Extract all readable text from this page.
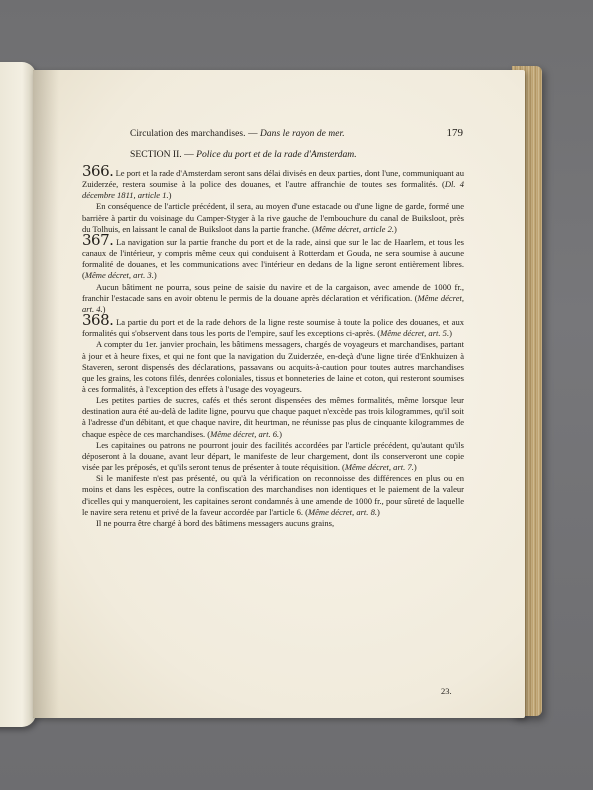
Circulation des marchandises. — Dans le rayon de mer.	179
SECTION II. — Police du port et de la rade d'Amsterdam.

366. Le port et la rade d'Amsterdam seront sans délai divisés en deux parties, dont l'une, communiquant au Zuiderzée, restera soumise à la police des douanes, et l'autre affranchie de toutes ses formalités. (Dl. 4 décembre 1811, article 1.)

En conséquence de l'article précédent, il sera, au moyen d'une estacade ou d'une ligne de garde, formé une barrière à partir du voisinage du Camper-Styger à la rive gauche de l'embouchure du canal de Buiksloot, près du Tolhuis, en laissant le canal de Buiksloot dans la partie franche. (Même décret, article 2.)

367. La navigation sur la partie franche du port et de la rade, ainsi que sur le lac de Haarlem, et tous les canaux de l'intérieur, y compris même ceux qui conduisent à Rotterdam et Gouda, ne sera soumise à aucune formalité de douanes, et les communications avec l'intérieur en dedans de la ligne seront entièrement libres. (Même décret, art. 3.)

Aucun bâtiment ne pourra, sous peine de saisie du navire et de la cargaison, avec amende de 1000 fr., franchir l'estacade sans en avoir obtenu le permis de la douane après déclaration et vérification. (Même décret, art. 4.)

368. La partie du port et de la rade dehors de la ligne reste soumise à toute la police des douanes, et aux formalités qui s'observent dans tous les ports de l'empire, sauf les exceptions ci-après. (Même décret, art. 5.)

A compter du 1er. janvier prochain, les bâtimens messagers, chargés de voyageurs et marchandises, partant à jour et à heure fixes, et qui ne font que la navigation du Zuiderzée, en-deçà d'une ligne tirée d'Enkhuizen à Staveren, seront dispensés des déclarations, passavans ou acquits-à-caution pour toutes autres marchandises que les grains, les cotons filés, denrées coloniales, tissus et bonneteries de laine et coton, qui resteront soumises à ces formalités, à l'exception des effets à l'usage des voyageurs.

Les petites parties de sucres, cafés et thés seront dispensées des mêmes formalités, même lorsque leur destination aura été au-delà de ladite ligne, pourvu que chaque paquet n'excède pas trois kilogrammes, qu'il soit à l'adresse d'un débitant, et que chaque navire, dit heurtman, ne réunisse pas plus de cinquante kilogrammes de chaque espèce de ces marchandises. (Même décret, art. 6.)

Les capitaines ou patrons ne pourront jouir des facilités accordées par l'article précédent, qu'autant qu'ils déposeront à la douane, avant leur départ, le manifeste de leur chargement, dont ils conserveront une copie visée par les préposés, et qu'ils seront tenus de présenter à toute réquisition. (Même décret, art. 7.)

Si le manifeste n'est pas présenté, ou qu'à la vérification on reconnoisse des différences en plus ou en moins et dans les espèces, outre la confiscation des marchandises non identiques et le paiement de la valeur d'icelles qui y manqueroient, les capitaines seront condamnés à une amende de 1000 fr., pour sûreté de laquelle le navire sera retenu et privé de la faveur accordée par l'article 6. (Même décret, art. 8.)

Il ne pourra être chargé à bord des bâtimens messagers aucuns grains,

23.
